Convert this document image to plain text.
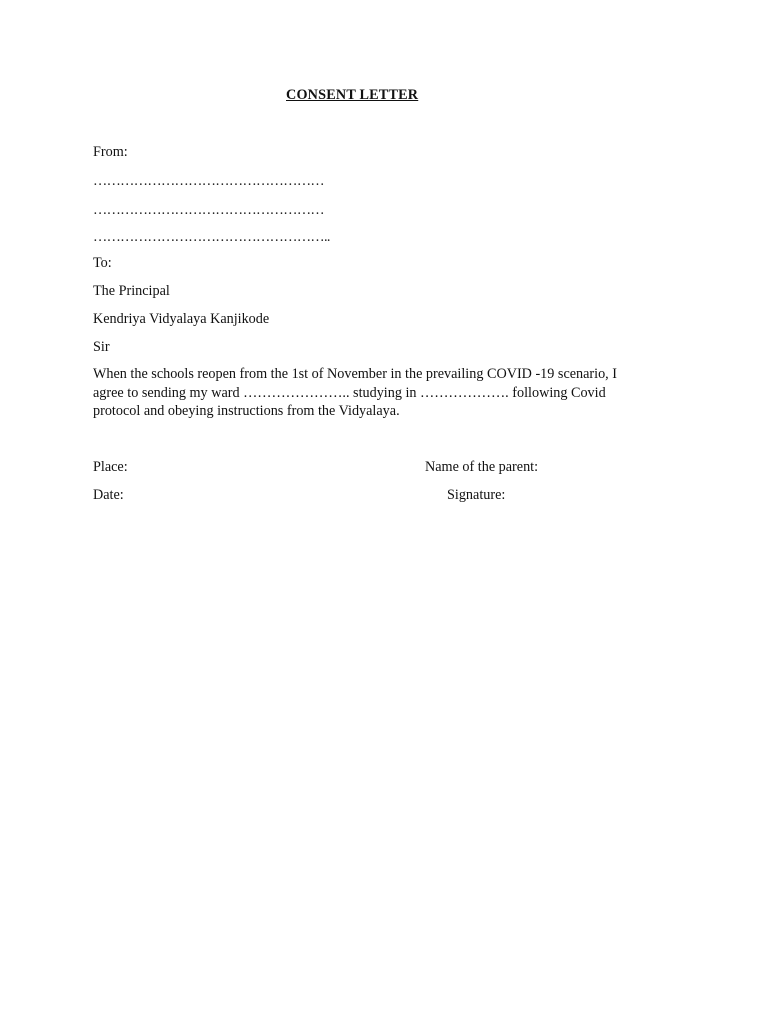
CONSENT LETTER
From:
……………………………………………
……………………………………………
……………………………………………..
To:
The Principal
Kendriya Vidyalaya Kanjikode
Sir
When the schools reopen from the 1st of November in the prevailing COVID -19 scenario, I
agree to sending my ward ………………….. studying in ………………. following Covid
protocol and obeying instructions from the Vidyalaya.
Place:
Date:
Name of the parent:
Signature:
